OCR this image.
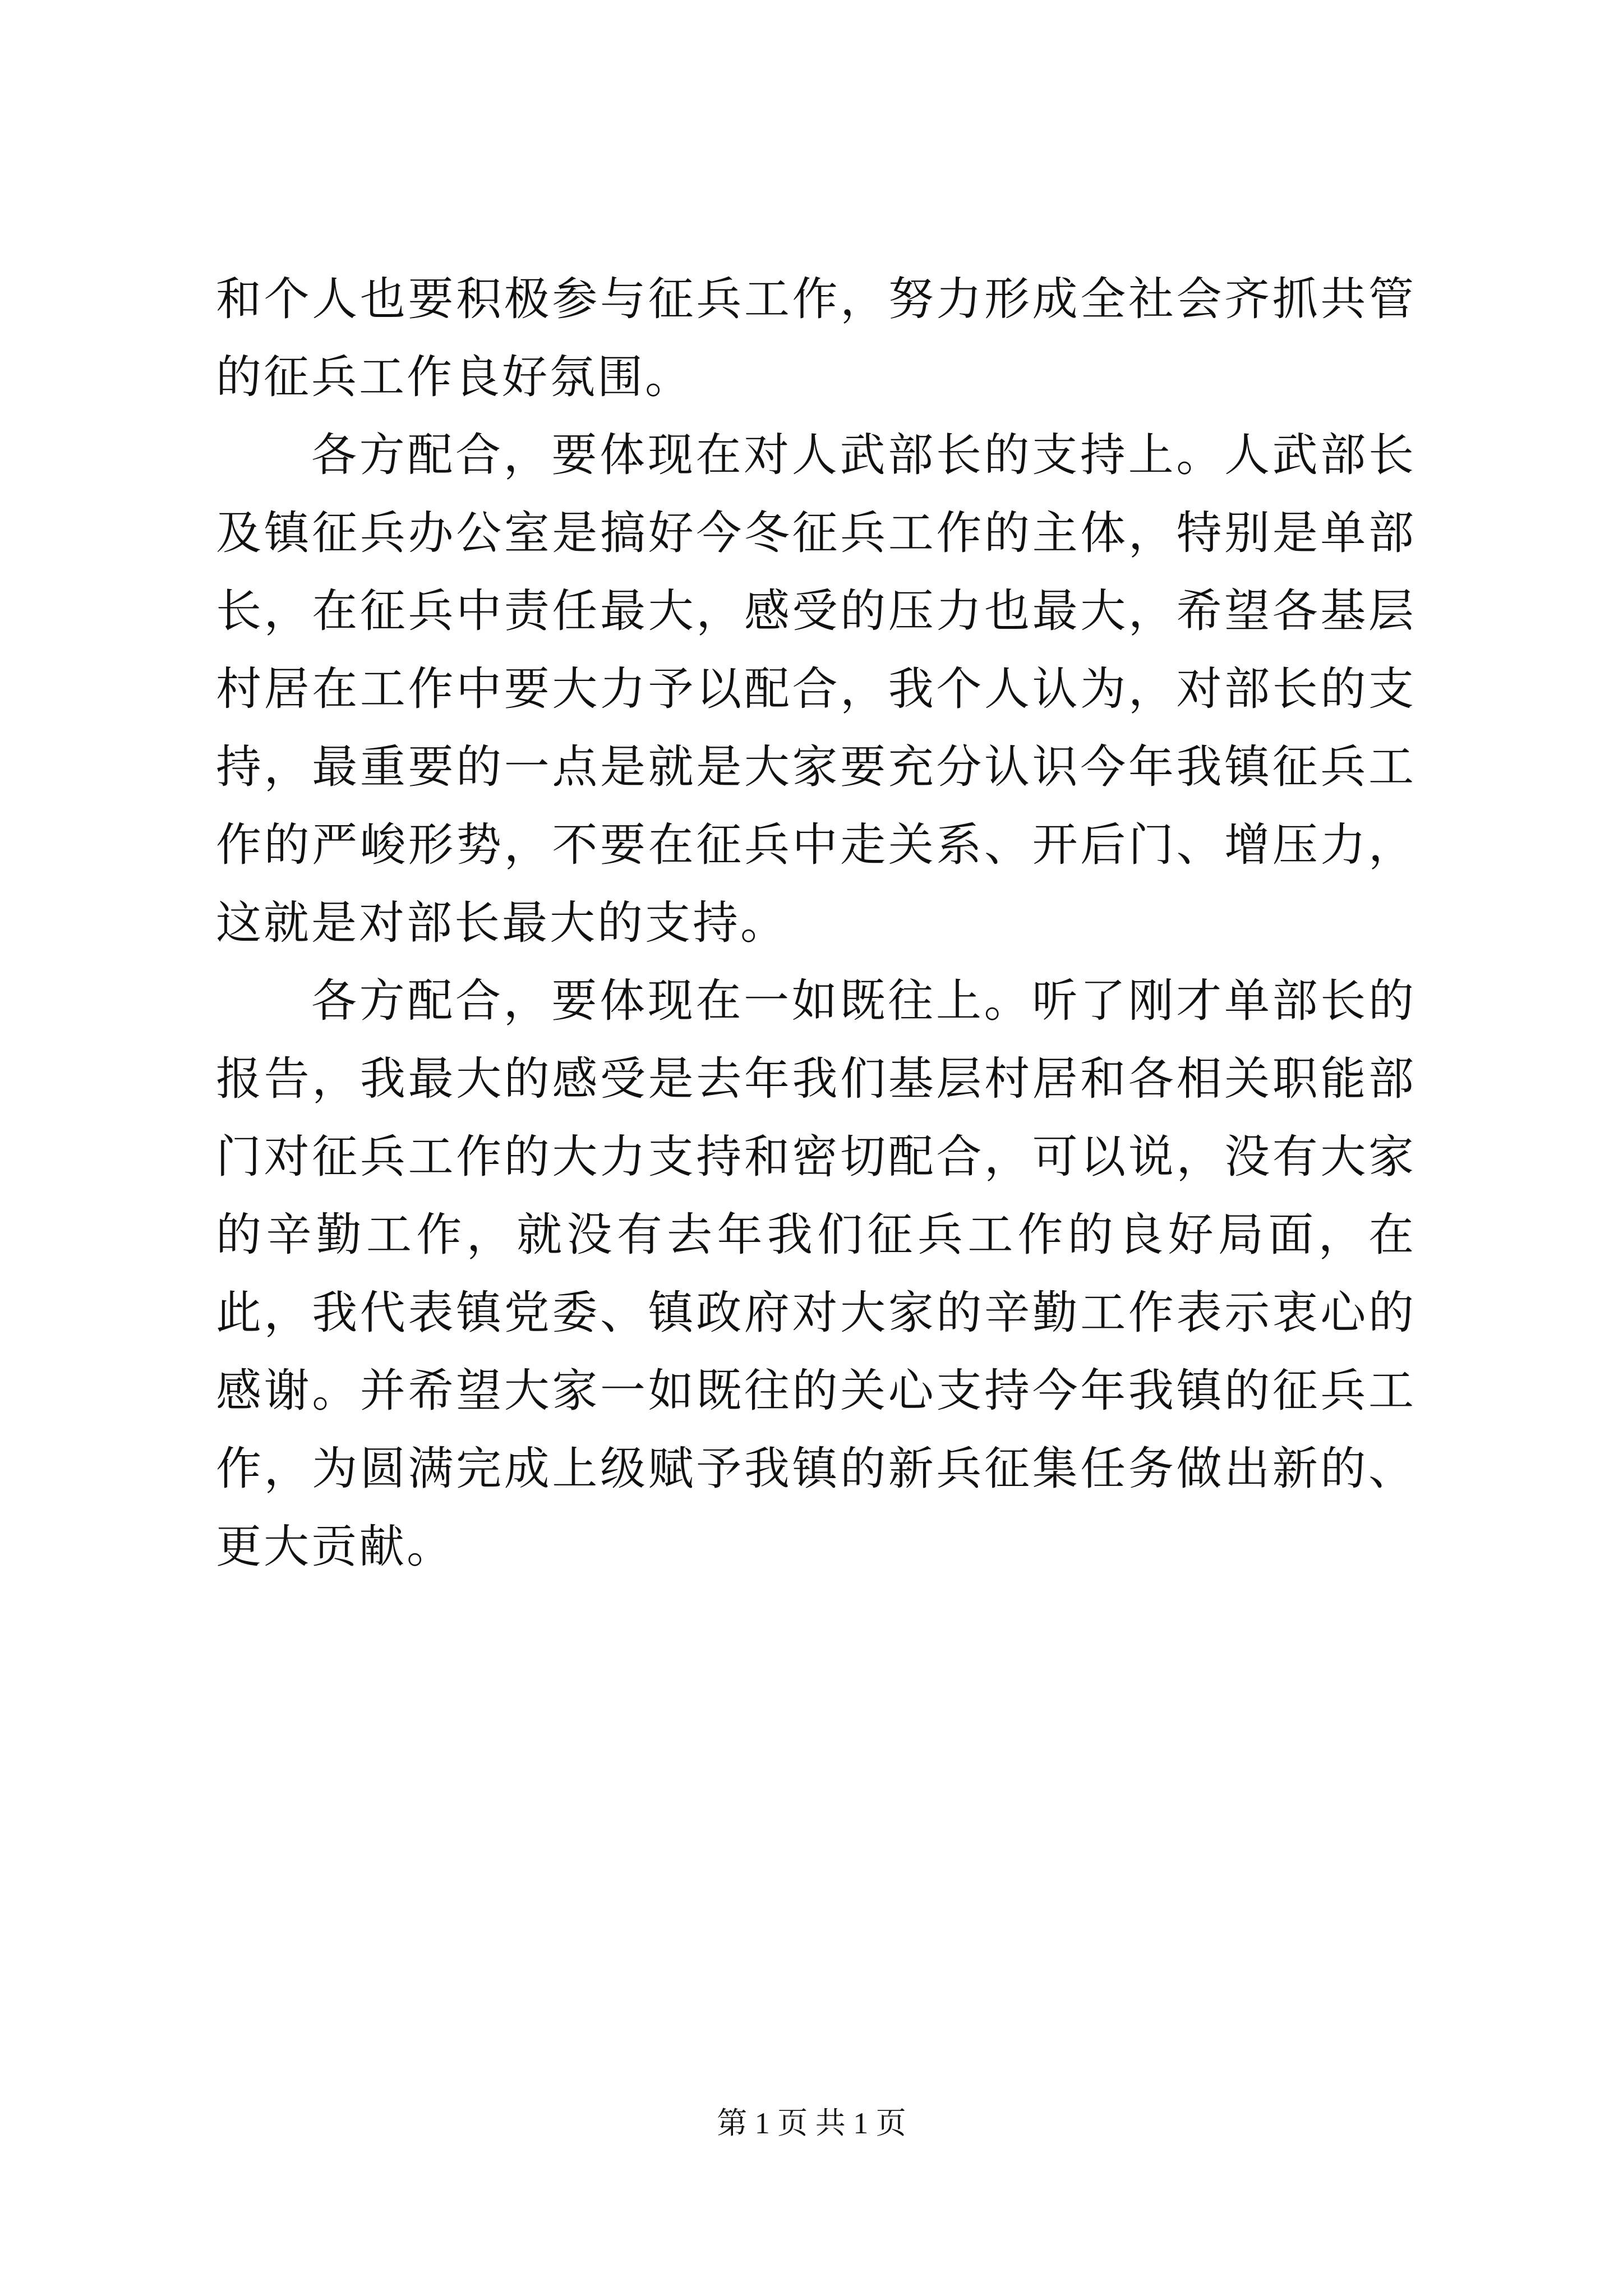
和个人也要积极参与征兵工作，努力形成全社会齐抓共管的征兵工作良好氛围。

各方配合，要体现在对人武部长的支持上。人武部长及镇征兵办公室是搞好今冬征兵工作的主体，特别是单部长，在征兵中责任最大，感受的压力也最大，希望各基层村居在工作中要大力予以配合，我个人认为，对部长的支持，最重要的一点是就是大家要充分认识今年我镇征兵工作的严峻形势，不要在征兵中走关系、开后门、增压力，这就是对部长最大的支持。

各方配合，要体现在一如既往上。听了刚才单部长的报告，我最大的感受是去年我们基层村居和各相关职能部门对征兵工作的大力支持和密切配合，可以说，没有大家的辛勤工作，就没有去年我们征兵工作的良好局面，在此，我代表镇党委、镇政府对大家的辛勤工作表示衷心的感谢。并希望大家一如既往的关心支持今年我镇的征兵工作，为圆满完成上级赋予我镇的新兵征集任务做出新的、更大贡献。

第 1 页 共 1 页
